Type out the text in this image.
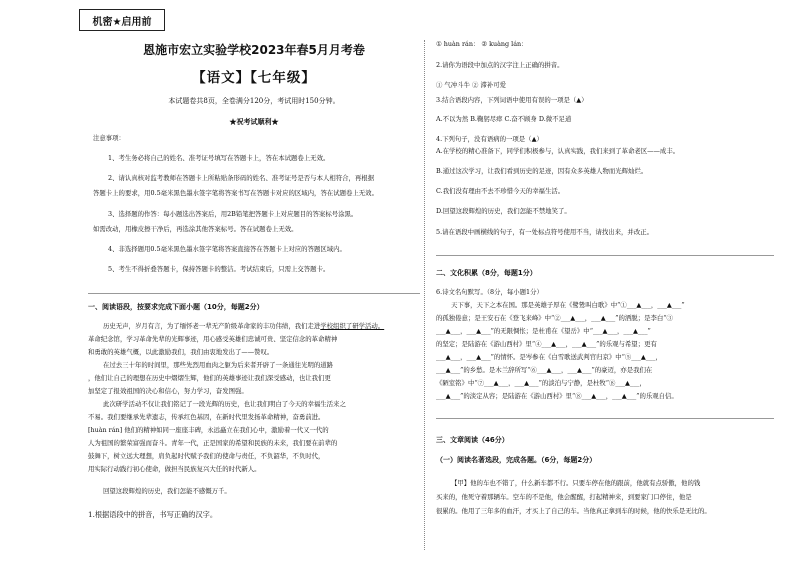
机密★启用前
恩施市宏立实验学校2023年春5月月考卷
【语文】【七年级】
本试题卷共8页，全卷满分120分，考试用时150分钟。
★祝考试顺利★
注意事项：
1、考生务必将自己的姓名、准考证号填写在答题卡上，答在本试题卷上无效。
2、请认真核对监考教师在答题卡上所粘贴条形码的姓名、准考证号是否与本人相符合，再根据
答题卡上的要求，用0.5毫米黑色墨水签字笔将答案书写在答题卡对应的区域内，答在试题卷上无效。
3、选择题的作答：每小题选出答案后，用2B铅笔把答题卡上对应题目的答案标号涂黑。
如需改动，用橡皮擦干净后，再选涂其他答案标号。答在试题卷上无效。
4、非选择题用0.5毫米黑色墨水签字笔将答案直接答在答题卡上对应的答题区域内。
5、考生不得折叠答题卡，保持答题卡的整洁。考试结束后，只需上交答题卡。
一、阅读语段，按要求完成下面小题（10分，每题2分）
历史无声，岁月有言，为了缅怀老一辈无产阶级革命家的丰功伟绩，我们走进学校组织了研学活动。
革命纪念馆，学习革命先辈的光辉事迹，用心感受英雄们忠诚可贵、坚定信念的革命精神
和勇敢的英雄气概，以此激励我们，我们由衷地发出了——赞叹。
在过去三十年的时间里，那些先烈用血肉之躯为后来者开辟了一条通往光明的道路
，他们让自己的理想在历史中熠熠生辉，他们的英雄事迹让我们深受感动，也让我们更
加坚定了报效祖国的决心和信心，努力学习，奋发图强。
此次研学活动不仅让我们铭记了一段光辉的历史，也让我们明白了今天的幸福生活来之
不易。我们要继承先辈遗志，传承红色基因，在新时代里发扬革命精神，奋勇前进。
[huàn rán] 他们的精神如同一座座丰碑，永远矗立在我们心中，激励着一代又一代的
人为祖国的繁荣富强而奋斗。青年一代，正是国家的希望和民族的未来，我们要在前辈的
鼓舞下，树立远大理想，肩负起时代赋予我们的使命与责任，不负韶华，不负时代，
用实际行动践行初心使命，做担当民族复兴大任的时代新人。
回望这段辉煌的历史，我们怎能不感慨万千。
1.根据语段中的拼音，书写正确的汉字。
① huàn rán： ② kuàng lán：
2.请你为语段中加点的汉字注上正确的拼音。
① 气冲斗牛 ② 滞补可爱
3.结合语段内容，下列词语中使用有误的一项是（▲）
A.不以为然 B.鞠躬尽瘁 C.奋不顾身 D.微不足道
4.下列句子，没有语病的一项是（▲）
A.在学校的精心准备下，同学们积极参与，认真实践，我们来到了革命老区——成丰。
B.通过这次学习，让我们看到历史的足迹，因有众多英雄人物而光辉灿烂。
C.我们没有理由不去不珍惜今天的幸福生活。
D.回望这段辉煌的历史，我们怎能不禁地笑了。
5.请在语段中画横线的句子，有一处标点符号使用不当，请找出来，并改正。
二、文化积累（8分，每题1分）
6.诗文名句默写。（8分，每小题1分）
天下事，天下之本在国。那是英雄子厚在《鹭鸶叫白歌》中“①___▲___，___▲___”
的孤独倦意；是王安石在《登飞来峰》中“②___▲___，___▲___”的洒脱；是李白“③
___▲___，___▲___”的无限惆怅；是杜甫在《望岳》中“___▲___，___▲___”
的坚定；是陆游在《游山西村》里“④___▲___，___▲___”的乐观与希望；更有
___▲___，___▲___”的情怀。是岑参在《白雪歌送武判官归京》中“⑤___▲___，
___▲___”的乡愁。是木兰辞所写“⑥___▲___，___▲___”的豪迈，亦是我们在
《陋室铭》中“⑦___▲___，___▲___”的淡泊与宁静，是杜牧“⑧___▲___，
___▲___”的淡定从容；是陆游在《游山西村》里“⑧___▲___，___▲___”的乐观自信。
三、文章阅读（46分）
（一）阅读名著选段，完成各题。（6分，每题2分）
【甲】他的车也不错了，什么新车都不行。只要车停在他的跟前，他就有点骄傲，他的钱
买来的，他死守着那辆车。空车的不是他，他会醒醒，打起精神来，到要家门口停住，他是
很累的。他用了三年多的血汗，才买上了自己的车。当他真正拿到车的时候，他的快乐是无比的。
